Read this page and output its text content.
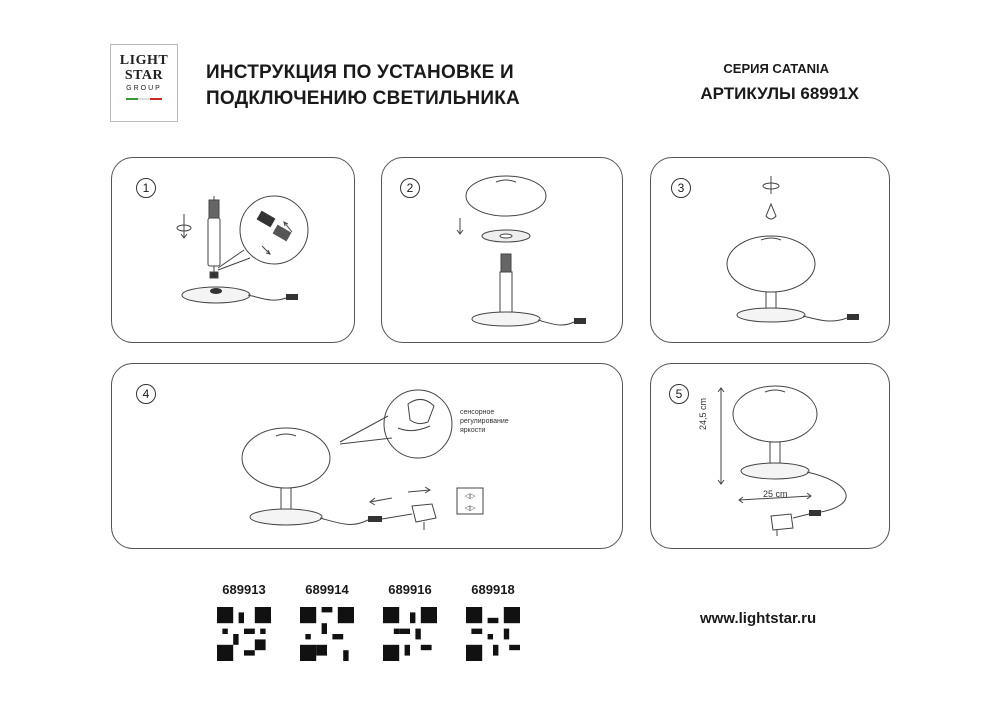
LIGHT
STAR
GROUP
ИНСТРУКЦИЯ ПО УСТАНОВКЕ И
ПОДКЛЮЧЕНИЮ СВЕТИЛЬНИКА
СЕРИЯ CATANIA
АРТИКУЛЫ 68991X
1	2	3
4
◁▷
◁▷
сенсорное
регулирование
яркости
5
24,5 cm
25 cm
689913	689914	689916	689918
www.lightstar.ru
